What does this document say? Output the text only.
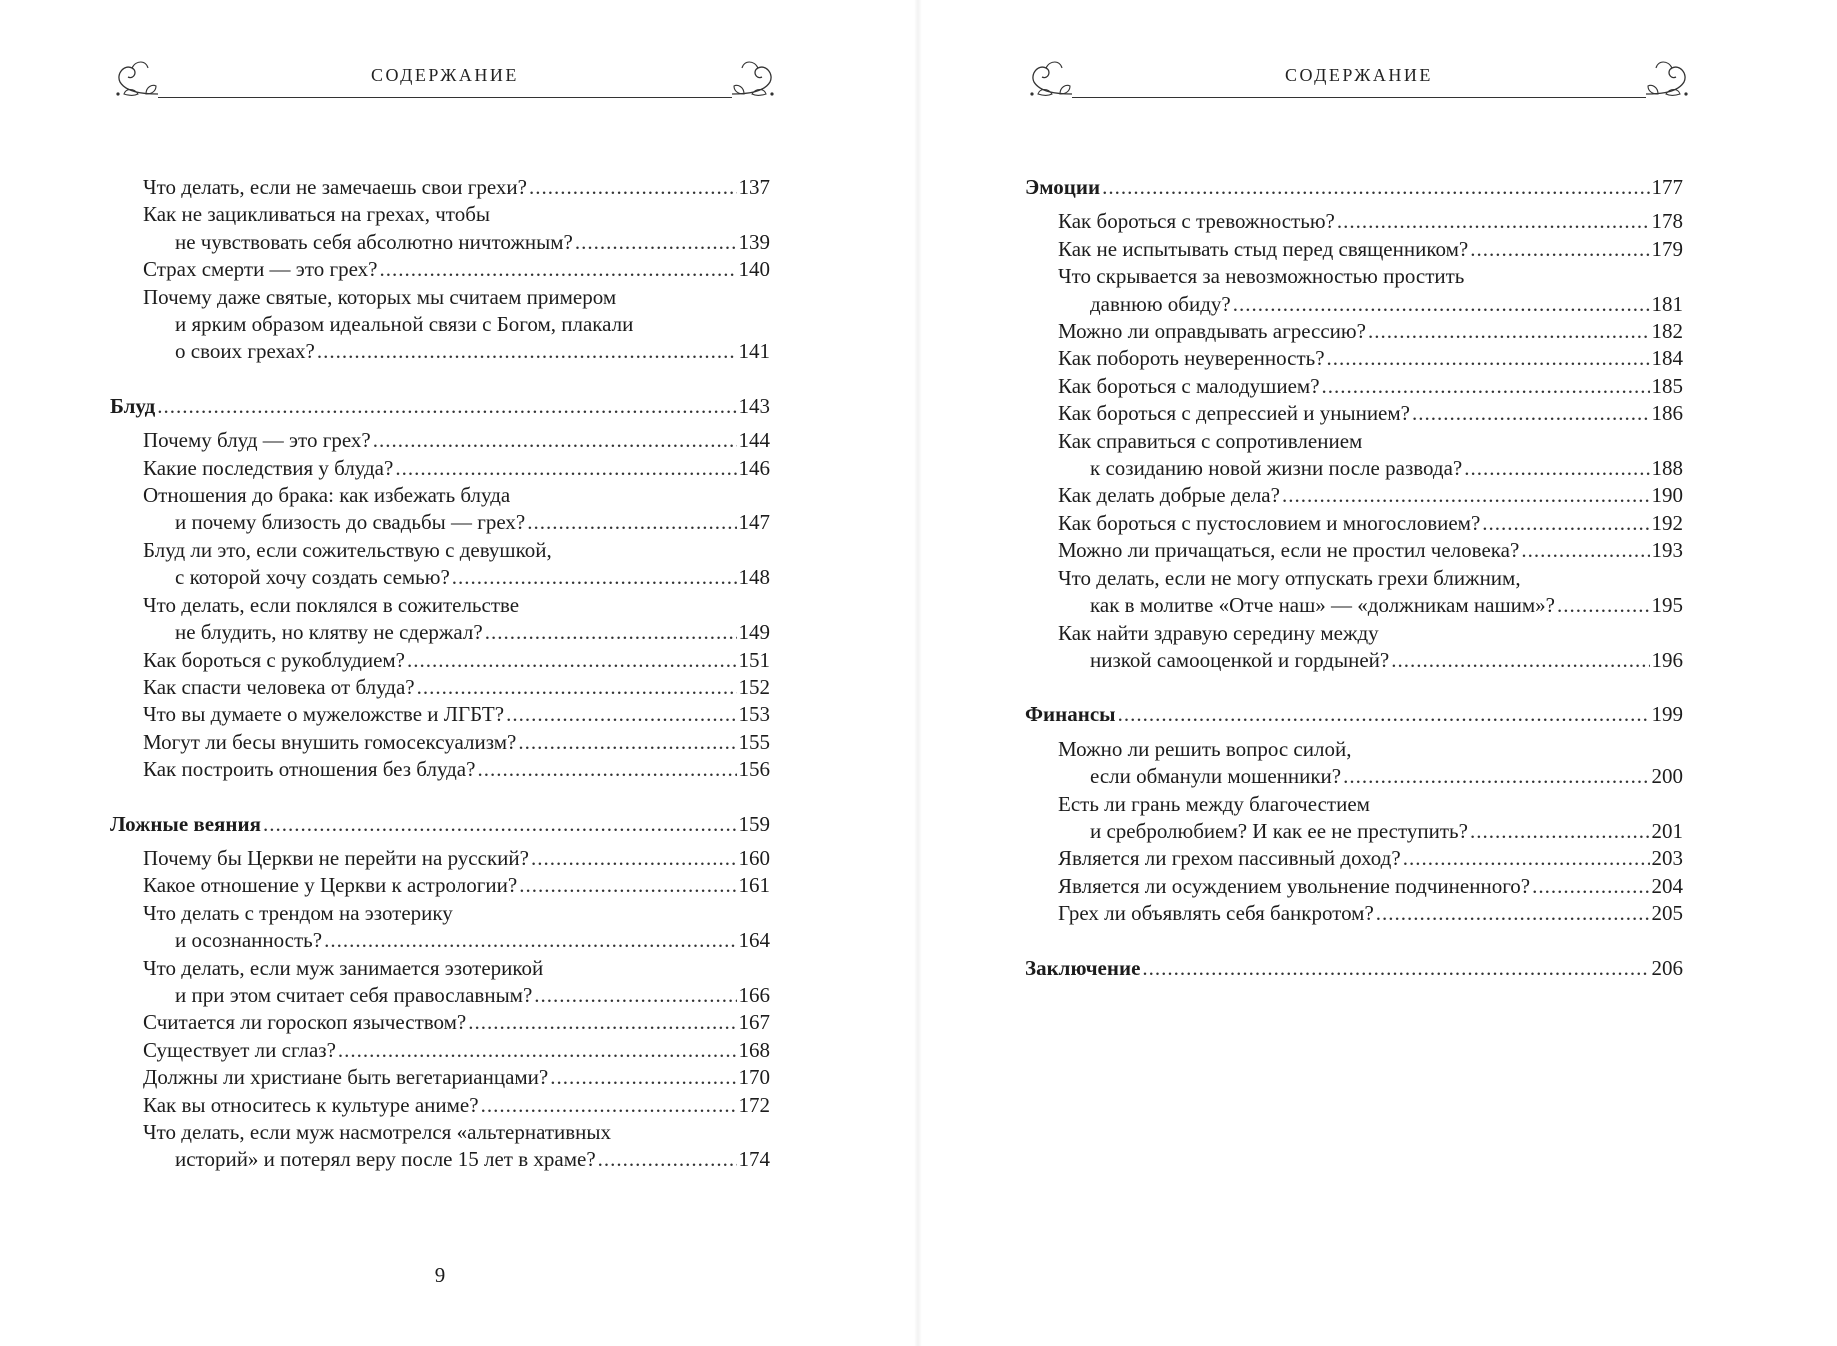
СОДЕРЖАНИЕ
Что делать, если не замечаешь свои грехи? .....	137
Как не зацикливаться на грехах, чтобы
не чувствовать себя абсолютно ничтожным? .....	139
Страх смерти — это грех? .....	140
Почему даже святые, которых мы считаем примером
и ярким образом идеальной связи с Богом, плакали
о своих грехах? .....	141
Блуд .....	143
Почему блуд — это грех? .....	144
Какие последствия у блуда? .....	146
Отношения до брака: как избежать блуда
и почему близость до свадьбы — грех? .....	147
Блуд ли это, если сожительствую с девушкой,
с которой хочу создать семью? .....	148
Что делать, если поклялся в сожительстве
не блудить, но клятву не сдержал? .....	149
Как бороться с рукоблудием? .....	151
Как спасти человека от блуда? .....	152
Что вы думаете о мужеложстве и ЛГБТ? .....	153
Могут ли бесы внушить гомосексуализм? .....	155
Как построить отношения без блуда? .....	156
Ложные веяния .....	159
Почему бы Церкви не перейти на русский? .....	160
Какое отношение у Церкви к астрологии? .....	161
Что делать с трендом на эзотерику
и осознанность? .....	164
Что делать, если муж занимается эзотерикой
и при этом считает себя православным? .....	166
Считается ли гороскоп язычеством? .....	167
Существует ли сглаз? .....	168
Должны ли христиане быть вегетарианцами? .....	170
Как вы относитесь к культуре аниме? .....	172
Что делать, если муж насмотрелся «альтернативных
историй» и потерял веру после 15 лет в храме? .....	174
9
СОДЕРЖАНИЕ
Эмоции .....	177
Как бороться с тревожностью? .....	178
Как не испытывать стыд перед священником? .....	179
Что скрывается за невозможностью простить
давнюю обиду? .....	181
Можно ли оправдывать агрессию? .....	182
Как побороть неуверенность? .....	184
Как бороться с малодушием? .....	185
Как бороться с депрессией и унынием? .....	186
Как справиться с сопротивлением
к созиданию новой жизни после развода? .....	188
Как делать добрые дела? .....	190
Как бороться с пустословием и многословием? .....	192
Можно ли причащаться, если не простил человека? .....	193
Что делать, если не могу отпускать грехи ближним,
как в молитве «Отче наш» — «должникам нашим»? .....	195
Как найти здравую середину между
низкой самооценкой и гордыней? .....	196
Финансы .....	199
Можно ли решить вопрос силой,
если обманули мошенники? .....	200
Есть ли грань между благочестием
и сребролюбием? И как ее не преступить? .....	201
Является ли грехом пассивный доход? .....	203
Является ли осуждением увольнение подчиненного? .....	204
Грех ли объявлять себя банкротом? .....	205
Заключение .....	206
